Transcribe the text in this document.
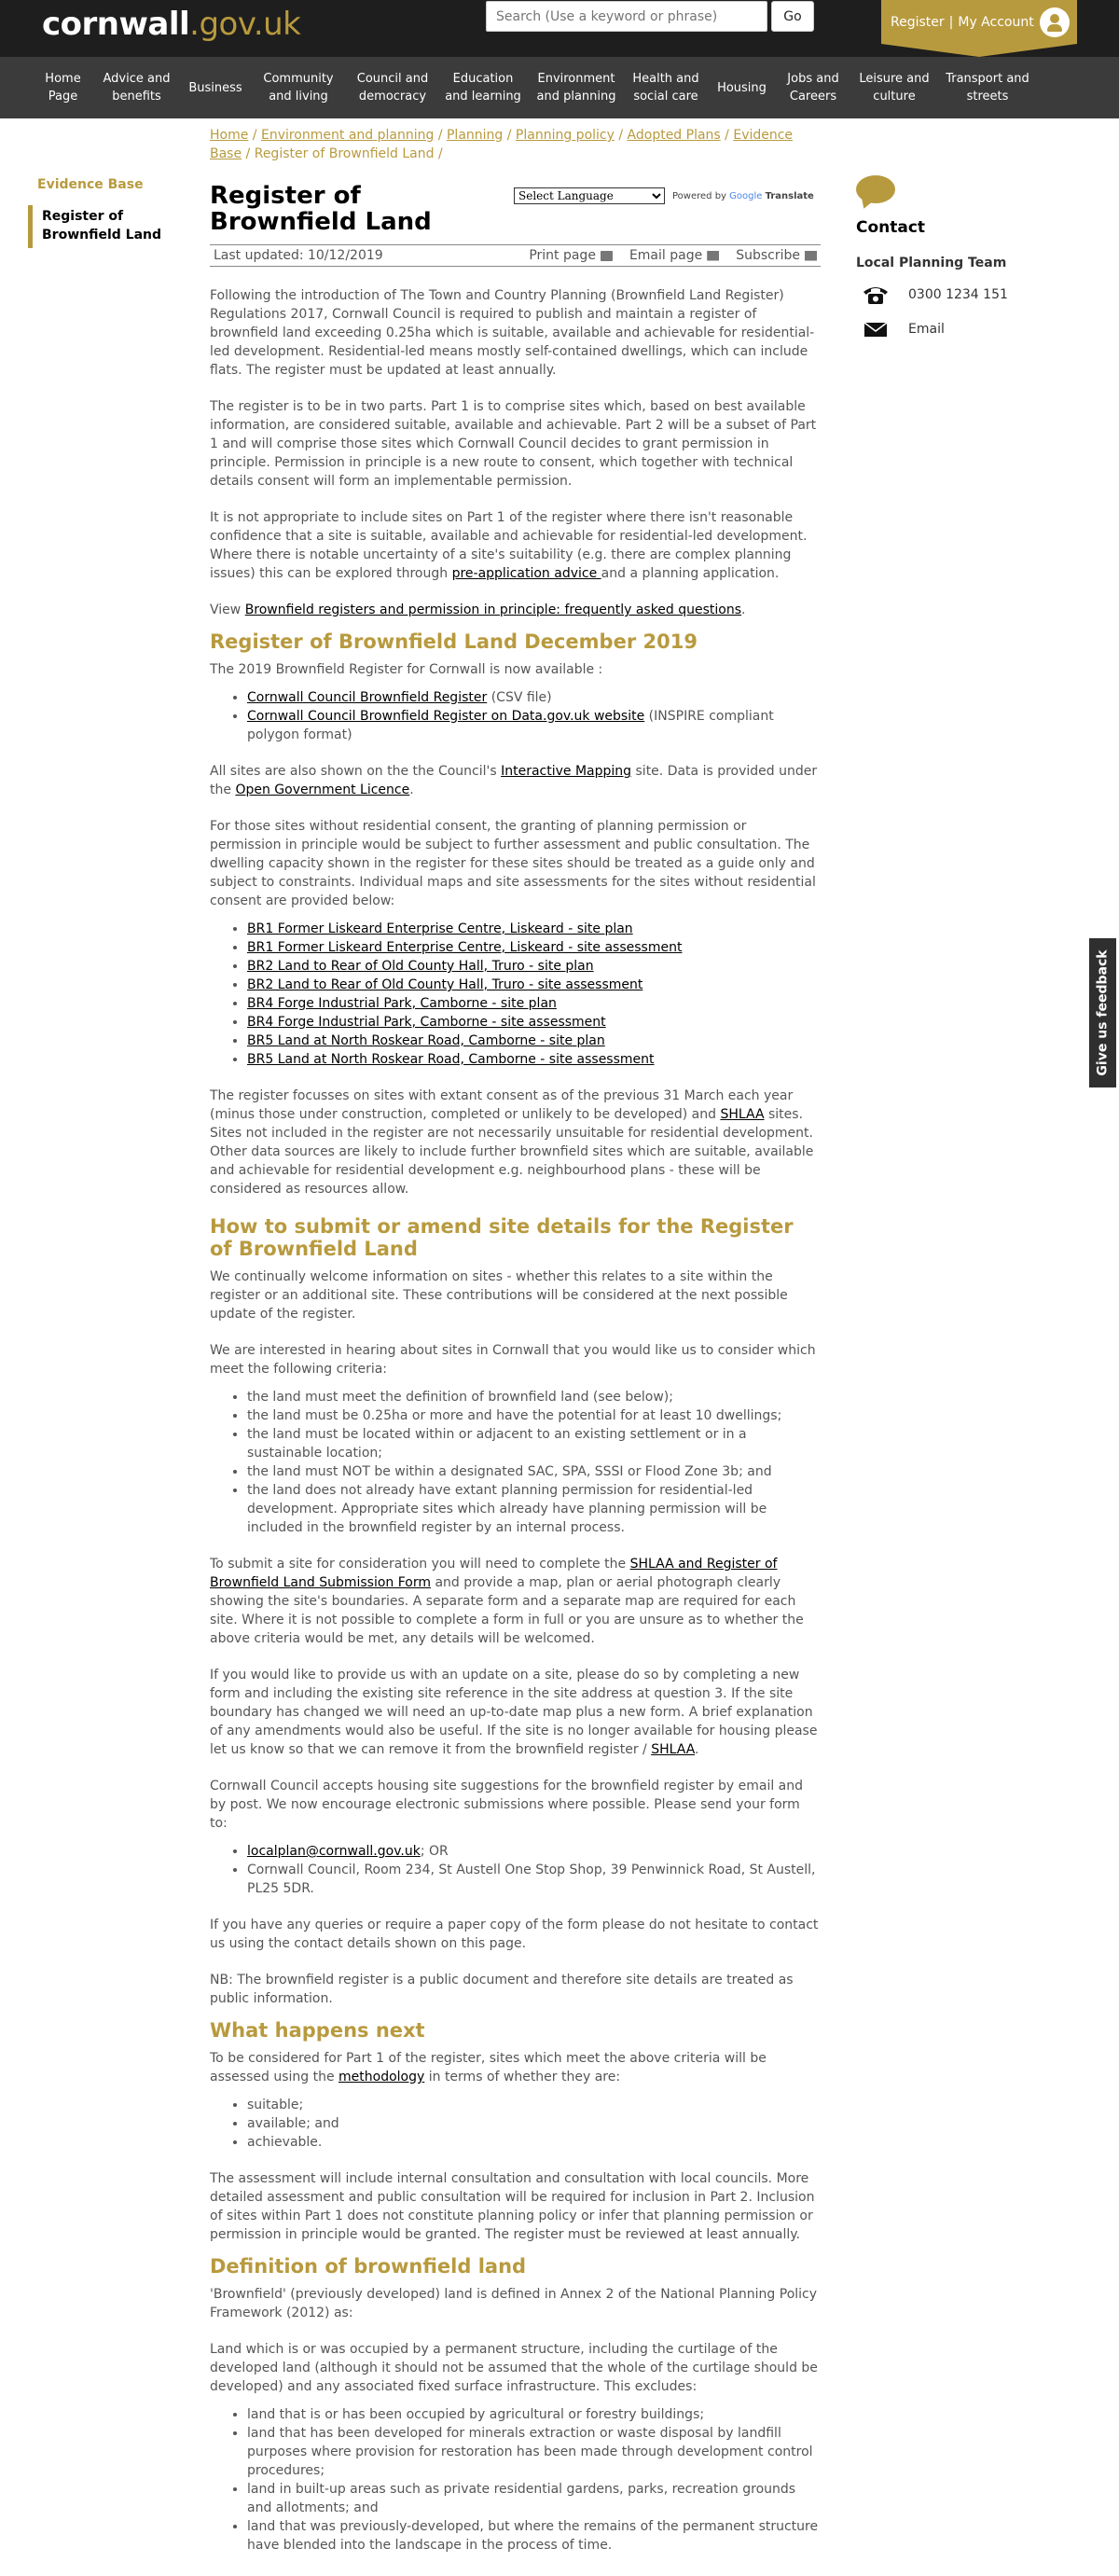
cornwall.gov.uk
Search (Use a keyword or phrase)	Go	Register | My Account
Home Page
Advice and benefits
Business
Community and living
Council and democracy
Education and learning
Environment and planning
Health and social care
Housing
Jobs and Careers
Leisure and culture
Transport and streets
Home / Environment and planning / Planning / Planning policy / Adopted Plans / Evidence Base / Register of Brownfield Land /
Evidence Base
Register of Brownfield Land
Register of Brownfield Land
Select Language
Powered by Google Translate
Last updated: 10/12/2019	Print page	Email page	Subscribe

Following the introduction of The Town and Country Planning (Brownfield Land Register) Regulations 2017, Cornwall Council is required to publish and maintain a register of brownfield land exceeding 0.25ha which is suitable, available and achievable for residential-led development. Residential-led means mostly self-contained dwellings, which can include flats. The register must be updated at least annually.

The register is to be in two parts. Part 1 is to comprise sites which, based on best available information, are considered suitable, available and achievable. Part 2 will be a subset of Part 1 and will comprise those sites which Cornwall Council decides to grant permission in principle. Permission in principle is a new route to consent, which together with technical details consent will form an implementable permission.

It is not appropriate to include sites on Part 1 of the register where there isn't reasonable confidence that a site is suitable, available and achievable for residential-led development. Where there is notable uncertainty of a site's suitability (e.g. there are complex planning issues) this can be explored through pre-application advice and a planning application.

View Brownfield registers and permission in principle: frequently asked questions.

Register of Brownfield Land December 2019

The 2019 Brownfield Register for Cornwall is now available :

• Cornwall Council Brownfield Register (CSV file)
• Cornwall Council Brownfield Register on Data.gov.uk website (INSPIRE compliant polygon format)

All sites are also shown on the the Council's Interactive Mapping site. Data is provided under the Open Government Licence.

For those sites without residential consent, the granting of planning permission or permission in principle would be subject to further assessment and public consultation. The dwelling capacity shown in the register for these sites should be treated as a guide only and subject to constraints. Individual maps and site assessments for the sites without residential consent are provided below:

• BR1 Former Liskeard Enterprise Centre, Liskeard - site plan
• BR1 Former Liskeard Enterprise Centre, Liskeard - site assessment
• BR2 Land to Rear of Old County Hall, Truro - site plan
• BR2 Land to Rear of Old County Hall, Truro - site assessment
• BR4 Forge Industrial Park, Camborne - site plan
• BR4 Forge Industrial Park, Camborne - site assessment
• BR5 Land at North Roskear Road, Camborne - site plan
• BR5 Land at North Roskear Road, Camborne - site assessment

The register focusses on sites with extant consent as of the previous 31 March each year (minus those under construction, completed or unlikely to be developed) and SHLAA sites. Sites not included in the register are not necessarily unsuitable for residential development. Other data sources are likely to include further brownfield sites which are suitable, available and achievable for residential development e.g. neighbourhood plans - these will be considered as resources allow.

How to submit or amend site details for the Register of Brownfield Land

We continually welcome information on sites - whether this relates to a site within the register or an additional site. These contributions will be considered at the next possible update of the register.

We are interested in hearing about sites in Cornwall that you would like us to consider which meet the following criteria:

• the land must meet the definition of brownfield land (see below);
• the land must be 0.25ha or more and have the potential for at least 10 dwellings;
• the land must be located within or adjacent to an existing settlement or in a sustainable location;
• the land must NOT be within a designated SAC, SPA, SSSI or Flood Zone 3b; and
• the land does not already have extant planning permission for residential-led development. Appropriate sites which already have planning permission will be included in the brownfield register by an internal process.

To submit a site for consideration you will need to complete the SHLAA and Register of Brownfield Land Submission Form and provide a map, plan or aerial photograph clearly showing the site's boundaries. A separate form and a separate map are required for each site. Where it is not possible to complete a form in full or you are unsure as to whether the above criteria would be met, any details will be welcomed.

If you would like to provide us with an update on a site, please do so by completing a new form and including the existing site reference in the site address at question 3. If the site boundary has changed we will need an up-to-date map plus a new form. A brief explanation of any amendments would also be useful. If the site is no longer available for housing please let us know so that we can remove it from the brownfield register / SHLAA.

Cornwall Council accepts housing site suggestions for the brownfield register by email and by post. We now encourage electronic submissions where possible. Please send your form to:

• localplan@cornwall.gov.uk; OR
• Cornwall Council, Room 234, St Austell One Stop Shop, 39 Penwinnick Road, St Austell, PL25 5DR.

If you have any queries or require a paper copy of the form please do not hesitate to contact us using the contact details shown on this page.

NB: The brownfield register is a public document and therefore site details are treated as public information.

What happens next

To be considered for Part 1 of the register, sites which meet the above criteria will be assessed using the methodology in terms of whether they are:

• suitable;
• available; and
• achievable.

The assessment will include internal consultation and consultation with local councils. More detailed assessment and public consultation will be required for inclusion in Part 2. Inclusion of sites within Part 1 does not constitute planning policy or infer that planning permission or permission in principle would be granted. The register must be reviewed at least annually.

Definition of brownfield land

'Brownfield' (previously developed) land is defined in Annex 2 of the National Planning Policy Framework (2012) as:

Land which is or was occupied by a permanent structure, including the curtilage of the developed land (although it should not be assumed that the whole of the curtilage should be developed) and any associated fixed surface infrastructure. This excludes:

• land that is or has been occupied by agricultural or forestry buildings;
• land that has been developed for minerals extraction or waste disposal by landfill purposes where provision for restoration has been made through development control procedures;
• land in built-up areas such as private residential gardens, parks, recreation grounds and allotments; and
• land that was previously-developed, but where the remains of the permanent structure have blended into the landscape in the process of time.
Contact
Local Planning Team
0300 1234 151
Email
Give us feedback
